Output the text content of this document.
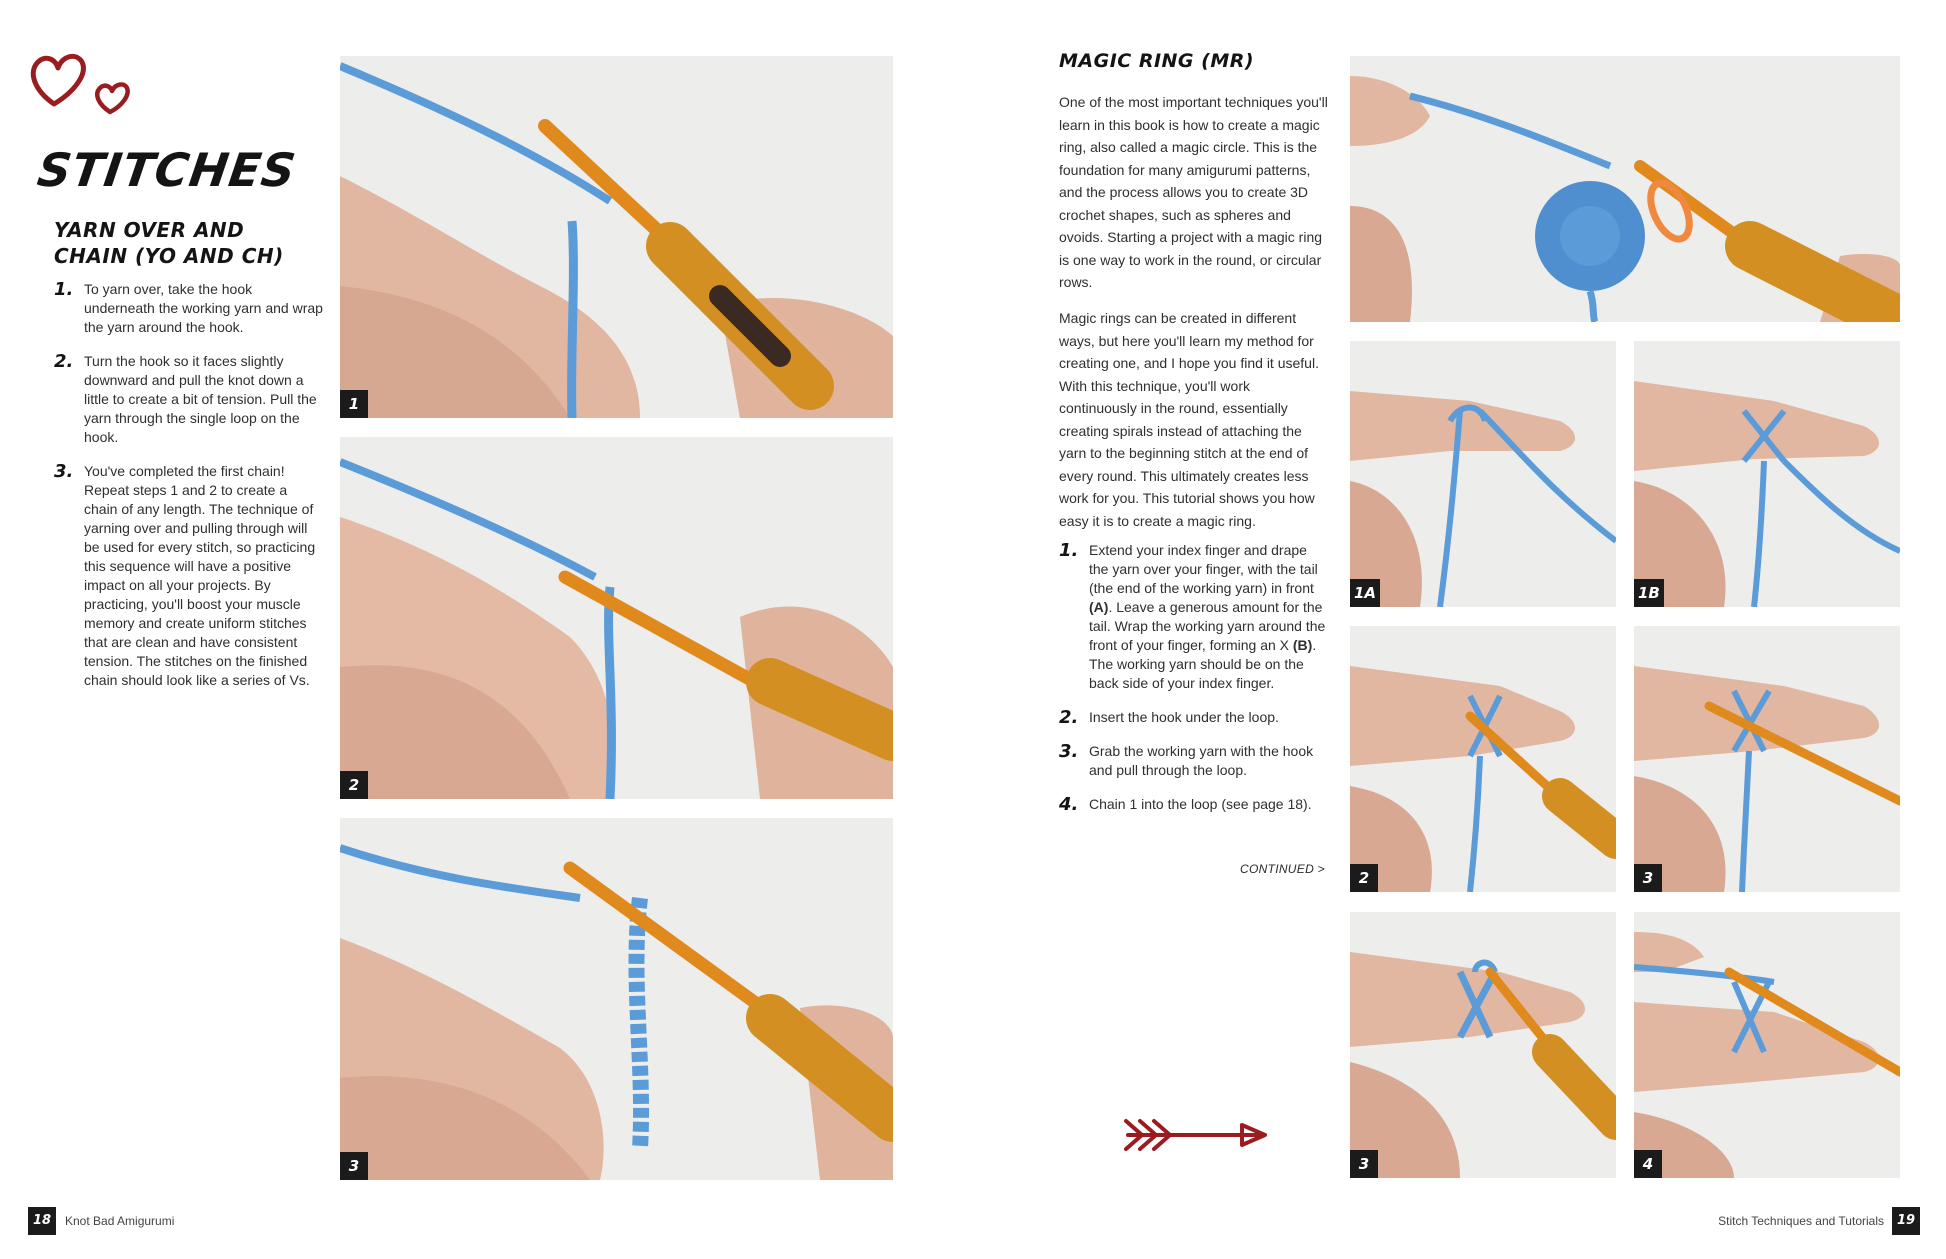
STITCHES
YARN OVER AND CHAIN (YO AND CH)
1. To yarn over, take the hook underneath the working yarn and wrap the yarn around the hook.
2. Turn the hook so it faces slightly downward and pull the knot down a little to create a bit of tension. Pull the yarn through the single loop on the hook.
3. You've completed the first chain! Repeat steps 1 and 2 to create a chain of any length. The technique of yarning over and pulling through will be used for every stitch, so practicing this sequence will have a positive impact on all your projects. By practicing, you'll boost your muscle memory and create uniform stitches that are clean and have consistent tension. The stitches on the finished chain should look like a series of Vs.
1
2
3
18	Knot Bad Amigurumi
MAGIC RING (MR)

One of the most important techniques you'll learn in this book is how to create a magic ring, also called a magic circle. This is the foundation for many amigurumi patterns, and the process allows you to create 3D crochet shapes, such as spheres and ovoids. Starting a project with a magic ring is one way to work in the round, or circular rows.

Magic rings can be created in different ways, but here you'll learn my method for creating one, and I hope you find it useful. With this technique, you'll work continuously in the round, essentially creating spirals instead of attaching the yarn to the beginning stitch at the end of every round. This ultimately creates less work for you. This tutorial shows you how easy it is to create a magic ring.

1. Extend your index finger and drape the yarn over your finger, with the tail (the end of the working yarn) in front (A). Leave a generous amount for the tail. Wrap the working yarn around the front of your finger, forming an X (B). The working yarn should be on the back side of your index finger.
2. Insert the hook under the loop.
3. Grab the working yarn with the hook and pull through the loop.
4. Chain 1 into the loop (see page 18).
CONTINUED >
1A	1B
2	3
3	4
19
Stitch Techniques and Tutorials
